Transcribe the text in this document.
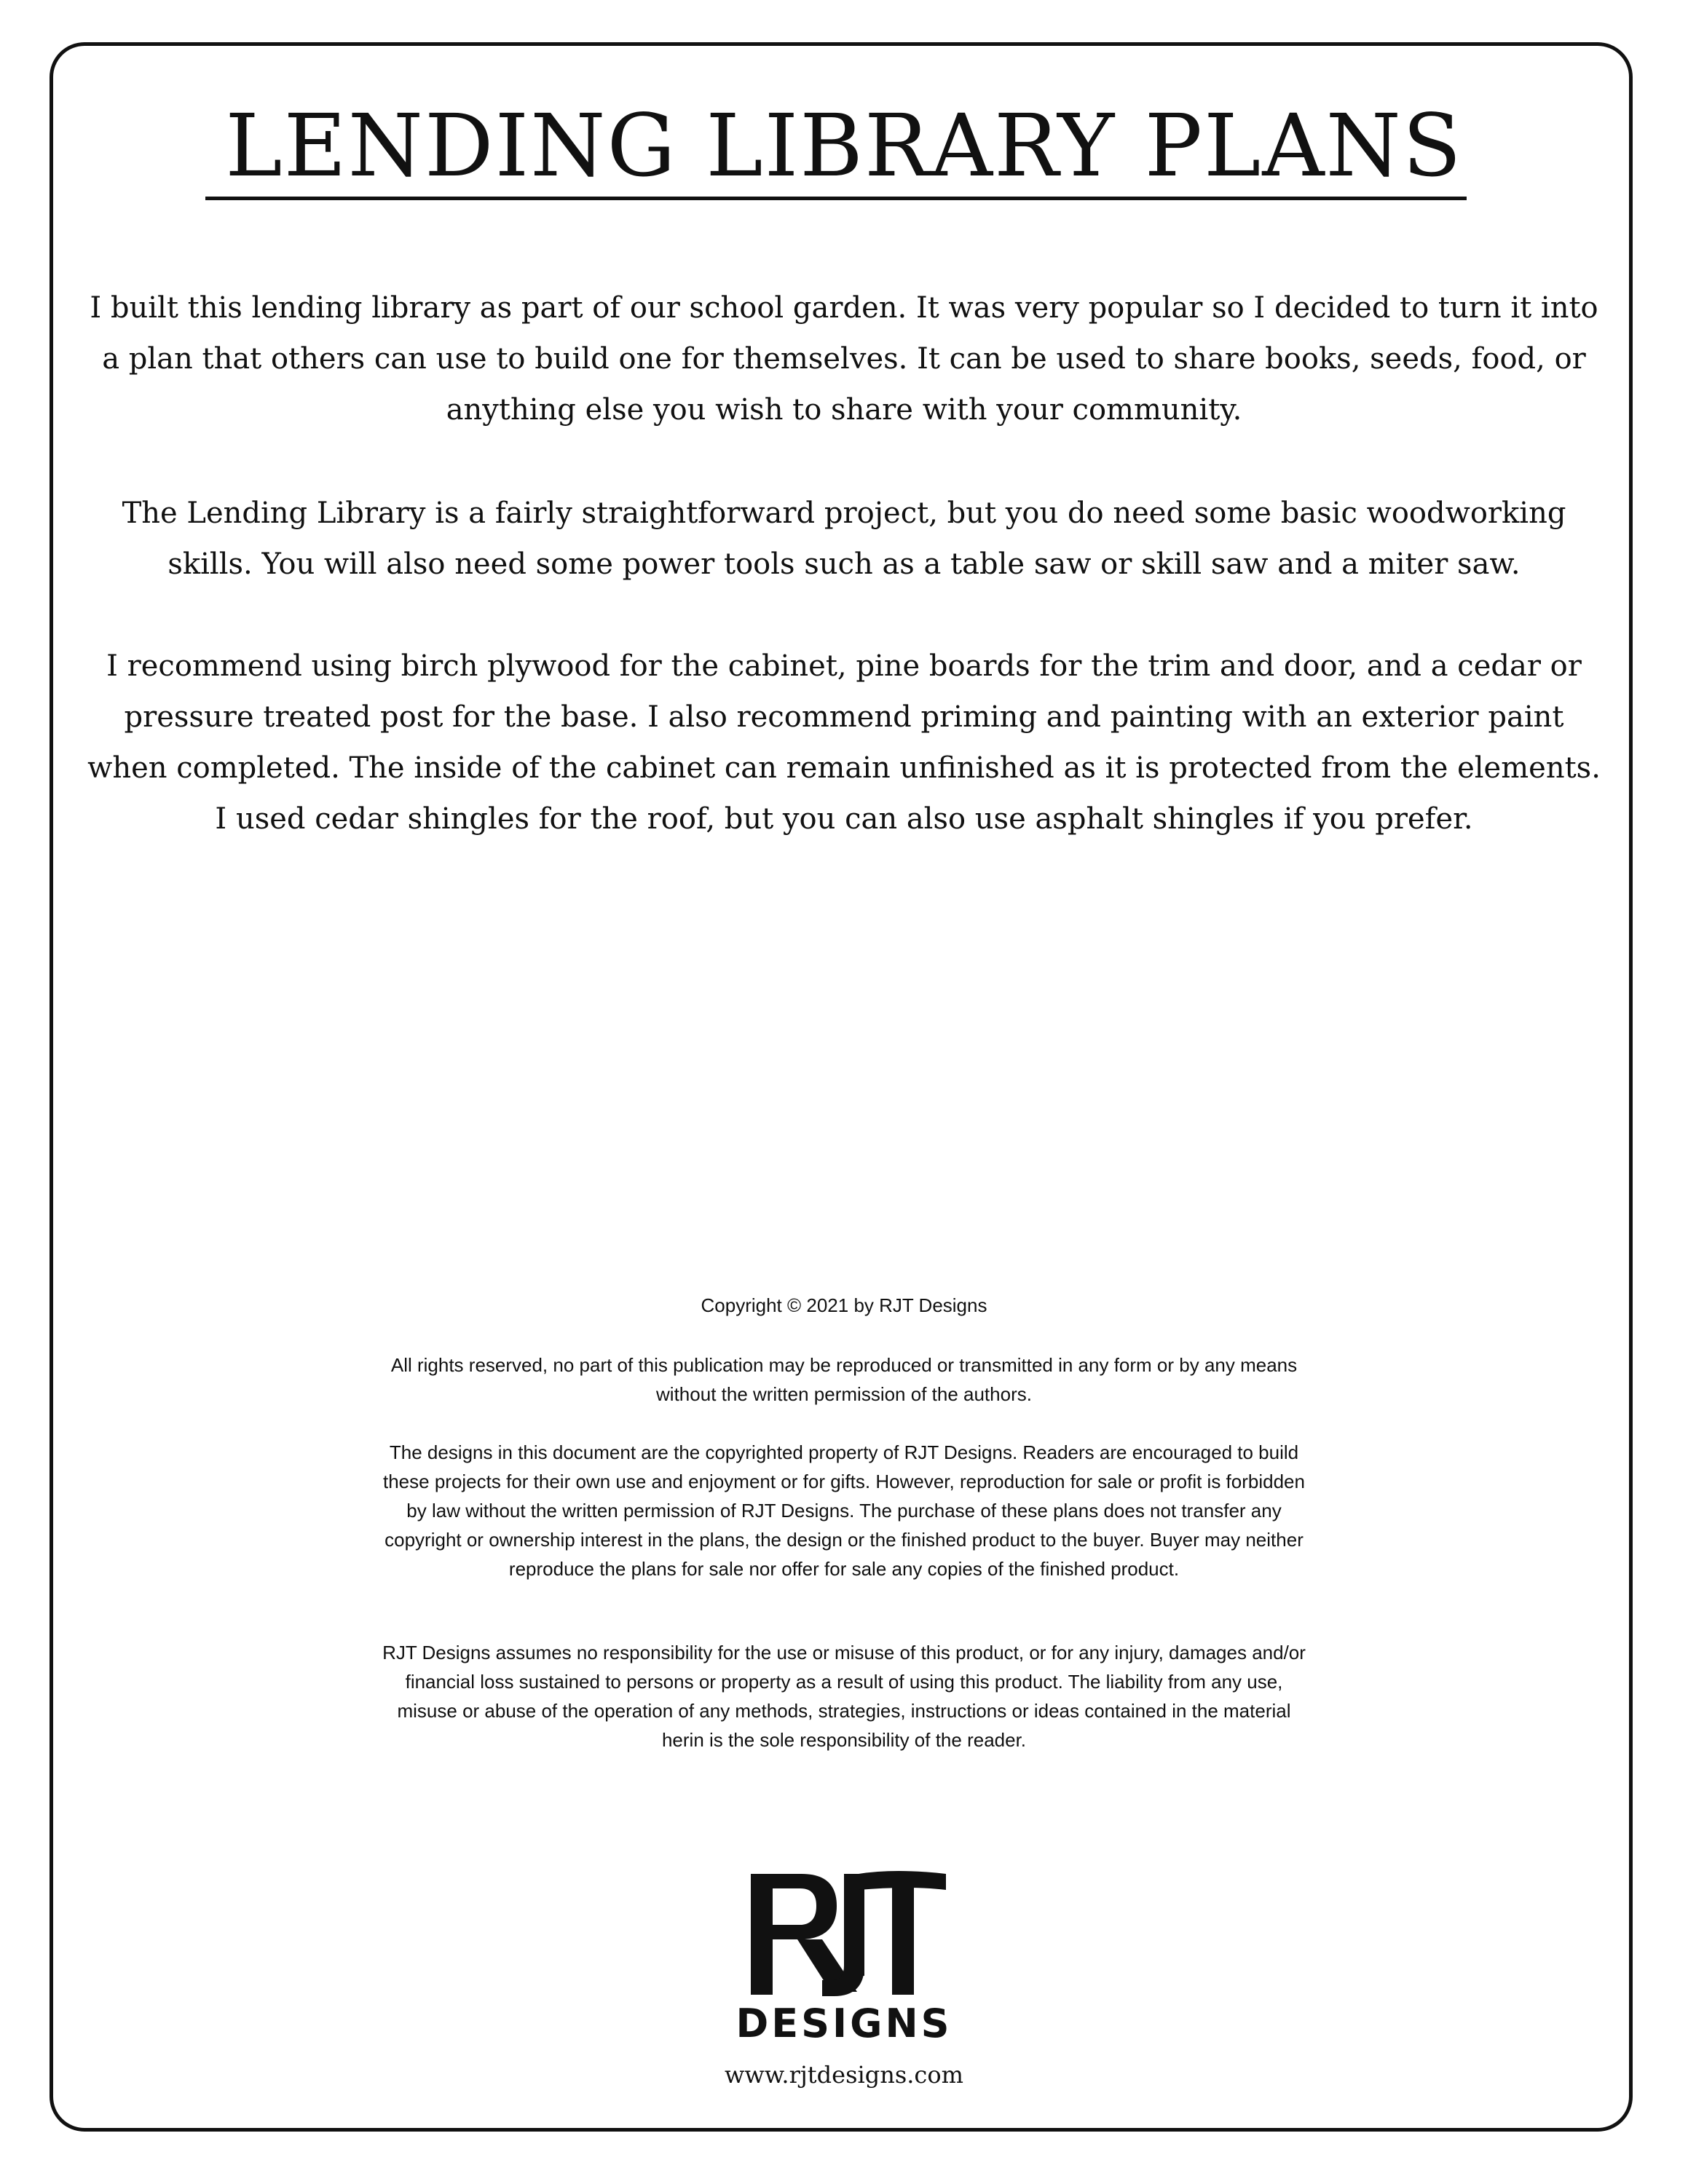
LENDING LIBRARY PLANS

I built this lending library as part of our school garden. It was very popular so I decided to turn it into a plan that others can use to build one for themselves. It can be used to share books, seeds, food, or anything else you wish to share with your community.

The Lending Library is a fairly straightforward project, but you do need some basic woodworking skills. You will also need some power tools such as a table saw or skill saw and a miter saw.

I recommend using birch plywood for the cabinet, pine boards for the trim and door, and a cedar or pressure treated post for the base. I also recommend priming and painting with an exterior paint when completed. The inside of the cabinet can remain unfinished as it is protected from the elements. I used cedar shingles for the roof, but you can also use asphalt shingles if you prefer.

Copyright © 2021 by RJT Designs

All rights reserved, no part of this publication may be reproduced or transmitted in any form or by any means without the written permission of the authors.

The designs in this document are the copyrighted property of RJT Designs. Readers are encouraged to build these projects for their own use and enjoyment or for gifts. However, reproduction for sale or profit is forbidden by law without the written permission of RJT Designs. The purchase of these plans does not transfer any copyright or ownership interest in the plans, the design or the finished product to the buyer. Buyer may neither reproduce the plans for sale nor offer for sale any copies of the finished product.

RJT Designs assumes no responsibility for the use or misuse of this product, or for any injury, damages and/or financial loss sustained to persons or property as a result of using this product. The liability from any use, misuse or abuse of the operation of any methods, strategies, instructions or ideas contained in the material herin is the sole responsibility of the reader.

DESIGNS
www.rjtdesigns.com
